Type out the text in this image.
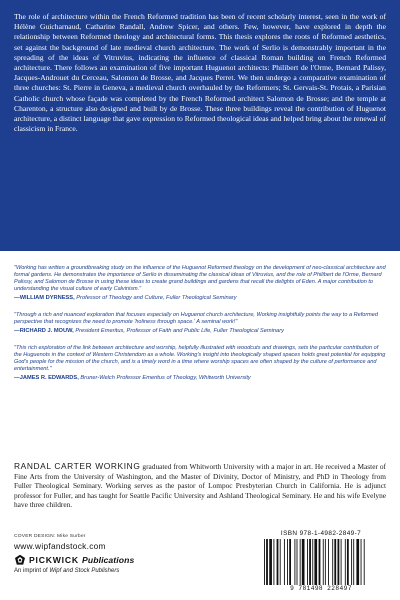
The role of architecture within the French Reformed tradition has been of recent scholarly interest, seen in the work of Hélène Guicharnaud, Catharine Randall, Andrew Spicer, and others. Few, however, have explored in depth the relationship between Reformed theology and architectural forms. This thesis explores the roots of Reformed aesthetics, set against the background of late medieval church architecture. The work of Serlio is demonstrably important in the spreading of the ideas of Vitruvius, indicating the influence of classical Roman building on French Reformed architecture. There follows an examination of five important Huguenot architects: Philibert de l'Orme, Bernard Palissy, Jacques-Androuet du Cerceau, Salomon de Brosse, and Jacques Perret. We then undergo a comparative examination of three churches: St. Pierre in Geneva, a medieval church overhauled by the Reformers; St. Gervais-St. Protais, a Parisian Catholic church whose façade was completed by the French Reformed architect Salomon de Brosse; and the temple at Charenton, a structure also designed and built by de Brosse. These three buildings reveal the contribution of Huguenot architecture, a distinct language that gave expression to Reformed theological ideas and helped bring about the renewal of classicism in France.

"Working has written a groundbreaking study on the influence of the Huguenot Reformed theology on the development of neo-classical architecture and formal gardens. He demonstrates the importance of Serlio in disseminating the classical ideas of Vitruvius, and the role of Philibert de l'Orme, Bernard Palissy, and Salomon de Brosse in using these ideas to create grand buildings and gardens that recall the delights of Eden. A major contribution to understanding the visual culture of early Calvinism."

—WILLIAM DYRNESS, Professor of Theology and Culture, Fuller Theological Seminary

"Through a rich and nuanced exploration that focuses especially on Huguenot church architecture, Working insightfully points the way to a Reformed perspective that recognizes the need to promote 'holiness through space.' A seminal work!"

—RICHARD J. MOUW, President Emeritus, Professor of Faith and Public Life, Fuller Theological Seminary

"This rich exploration of the link between architecture and worship, helpfully illustrated with woodcuts and drawings, sets the particular contribution of the Huguenots in the context of Western Christendom as a whole. Working's insight into theologically shaped spaces holds great potential for equipping God's people for the mission of the church, and is a timely word in a time where worship spaces are often shaped by the culture of performance and entertainment."

—JAMES R. EDWARDS, Bruner-Welch Professor Emeritus of Theology, Whitworth University

RANDAL CARTER WORKING graduated from Whitworth University with a major in art. He received a Master of Fine Arts from the University of Washington, and the Master of Divinity, Doctor of Ministry, and PhD in Theology from Fuller Theological Seminary. Working serves as the pastor of Lompoc Presbyterian Church in California. He is adjunct professor for Fuller, and has taught for Seattle Pacific University and Ashland Theological Seminary. He and his wife Evelyne have three children.

COVER DESIGN: Mike Surber
www.wipfandstock.com
PICKWICK Publications
An imprint of Wipf and Stock Publishers
ISBN 978-1-4982-2849-7
9 781498 228497
